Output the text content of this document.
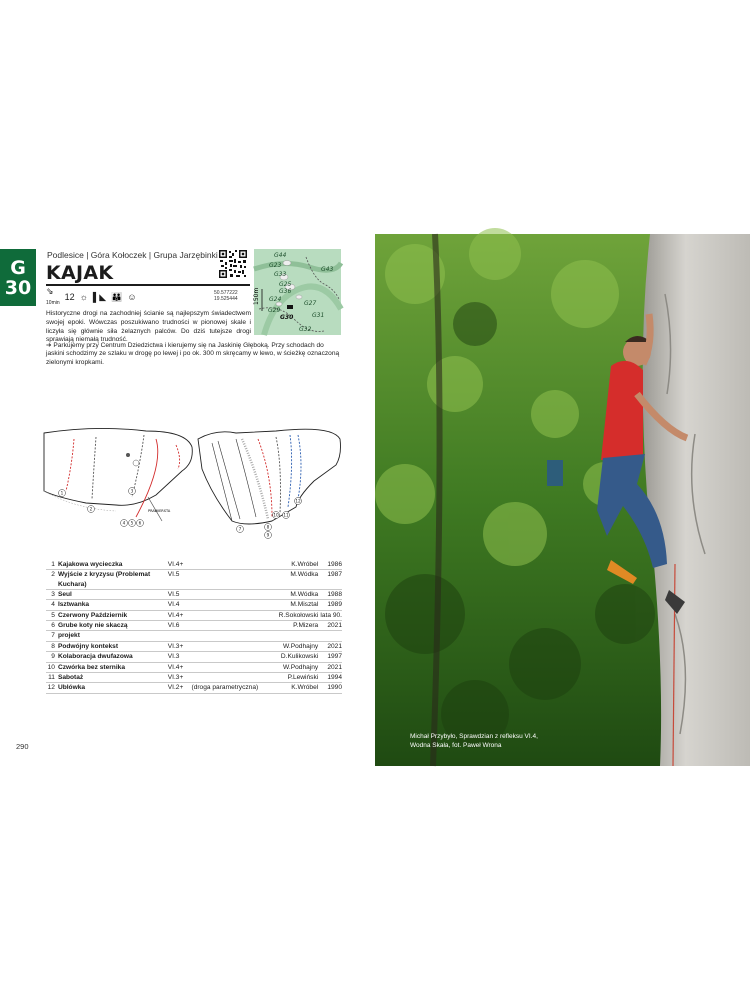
G
30
Podlesice | Góra Kołoczek | Grupa Jarzębinki
KAJAK
50.577222
19.525444	150m
G44
G23
G33
G43
G25
G36
G24
G27
G29
G30	G31
G32
⇘
10min
12 ☼ ▌◣ 👪 ☺
Historyczne drogi na zachodniej ścianie są najlepszym świadectwem swojej epoki. Wówczas poszukiwano trudności w pionowej skale i liczyła się głównie siła żelaznych palców. Do dziś tutejsze drogi sprawiają niemałą trudność.
➔ Parkujemy przy Centrum Dziedzictwa i kierujemy się na Jaskinię Głęboką. Przy schodach do jaskini schodzimy ze szlaku w drogę po lewej i po ok. 300 m skręcamy w lewo, w ścieżkę oznaczoną zielonymi kropkami.
PRAWIERSTA
1
2
3
4 5 6
7	8
9
10 11
12
1	Kajakowa wycieczka	VI.4+		K.Wróbel	1986
2	Wyjście z kryzysu (Problemat Kuchara)	VI.5		M.Wódka	1987
3	Seul	VI.5		M.Wódka	1988
4	Isztwanka	VI.4		M.Misztal	1989
5	Czerwony Październik	VI.4+		R.Sokołowski	lata 90.
6	Grube koty nie skaczą	VI.6		P.Mizera	2021
7	projekt				
8	Podwójny kontekst	VI.3+		W.Podhajny	2021
9	Kolaboracja dwufazowa	VI.3		D.Kulikowski	1997
10	Czwórka bez sternika	VI.4+		W.Podhajny	2021
11	Sabotaż	VI.3+		P.Lewiński	1994
12	Ublówka	VI.2+	(droga parametryczna)	K.Wróbel	1990
290
Michał Przybyło, Sprawdzian z refleksu VI.4,
Wodna Skała, fot. Paweł Wrona
